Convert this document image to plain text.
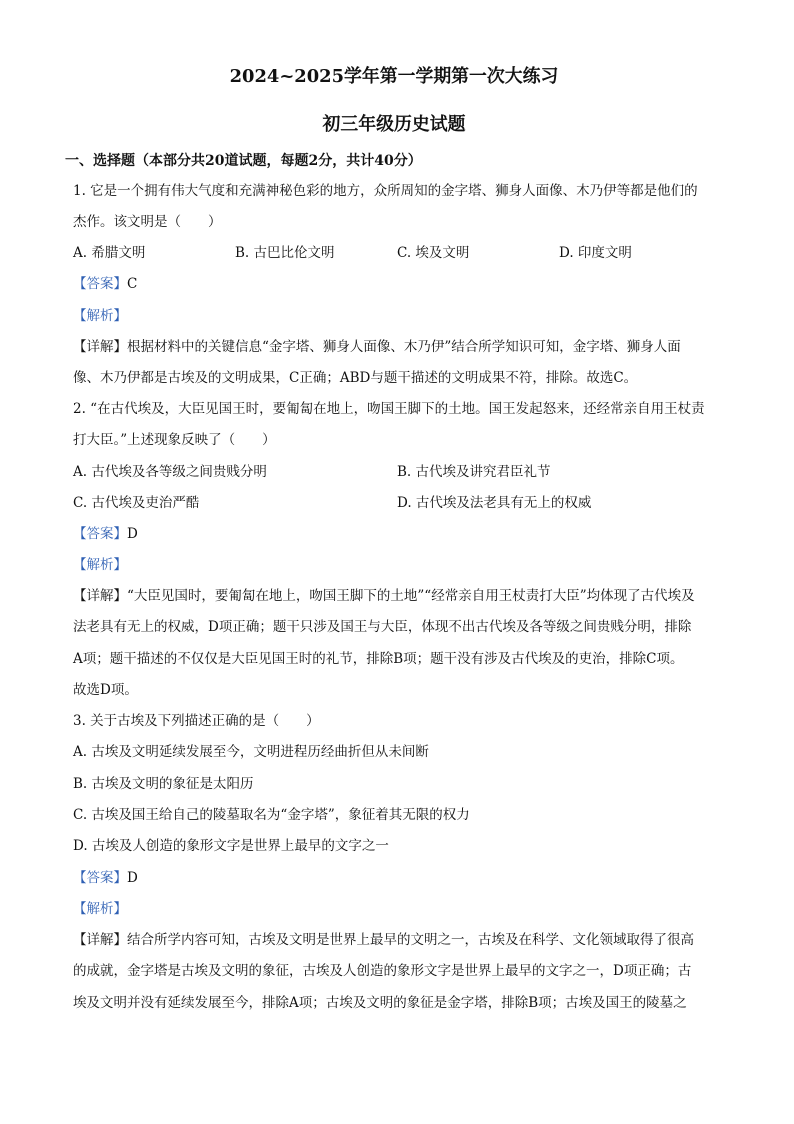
2024~2025学年第一学期第一次大练习
初三年级历史试题
一、选择题（本部分共20道试题，每题2分，共计40分）
1. 它是一个拥有伟大气度和充满神秘色彩的地方，众所周知的金字塔、狮身人面像、木乃伊等都是他们的
杰作。该文明是（　　）
A. 希腊文明	B. 古巴比伦文明	C. 埃及文明	D. 印度文明
【答案】C
【解析】
【详解】根据材料中的关键信息“金字塔、狮身人面像、木乃伊”结合所学知识可知，金字塔、狮身人面
像、木乃伊都是古埃及的文明成果，C正确；ABD与题干描述的文明成果不符，排除。故选C。
2. “在古代埃及，大臣见国王时，要匍匐在地上，吻国王脚下的土地。国王发起怒来，还经常亲自用王杖责
打大臣。”上述现象反映了（　　）
A. 古代埃及各等级之间贵贱分明	B. 古代埃及讲究君臣礼节
C. 古代埃及吏治严酷	D. 古代埃及法老具有无上的权威
【答案】D
【解析】
【详解】“大臣见国时，要匍匐在地上，吻国王脚下的土地”“经常亲自用王杖责打大臣”均体现了古代埃及
法老具有无上的权威，D项正确；题干只涉及国王与大臣，体现不出古代埃及各等级之间贵贱分明，排除
A项；题干描述的不仅仅是大臣见国王时的礼节，排除B项；题干没有涉及古代埃及的吏治，排除C项。
故选D项。
3. 关于古埃及下列描述正确的是（　　）
A. 古埃及文明延续发展至今，文明进程历经曲折但从未间断
B. 古埃及文明的象征是太阳历
C. 古埃及国王给自己的陵墓取名为“金字塔”，象征着其无限的权力
D. 古埃及人创造的象形文字是世界上最早的文字之一
【答案】D
【解析】
【详解】结合所学内容可知，古埃及文明是世界上最早的文明之一，古埃及在科学、文化领域取得了很高
的成就，金字塔是古埃及文明的象征，古埃及人创造的象形文字是世界上最早的文字之一，D项正确；古
埃及文明并没有延续发展至今，排除A项；古埃及文明的象征是金字塔，排除B项；古埃及国王的陵墓之
